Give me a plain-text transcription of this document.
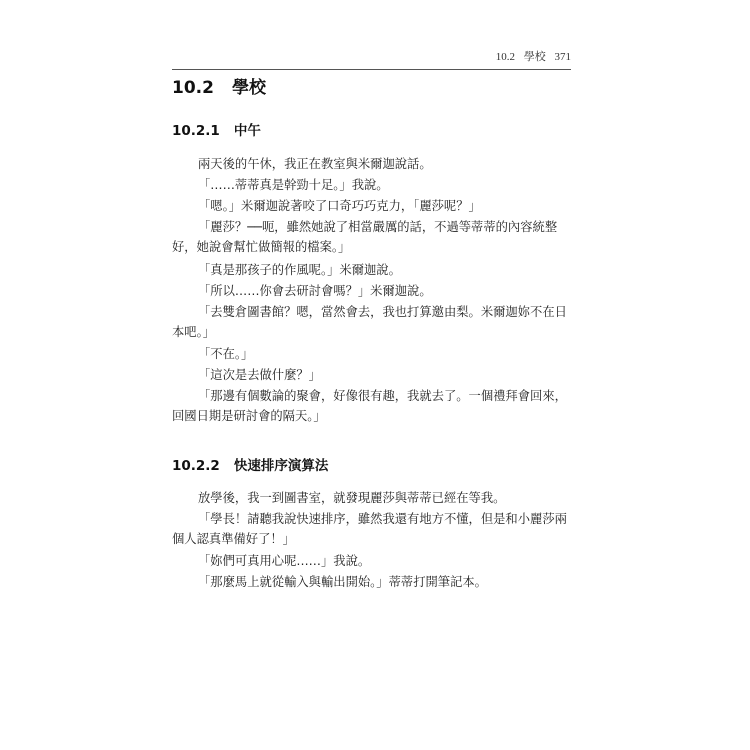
10.2 學校 371
10.2 學校
10.2.1 中午

兩天後的午休，我正在教室與米爾迦說話。

「……蒂蒂真是幹勁十足。」我說。

「嗯。」米爾迦說著咬了口奇巧巧克力，「麗莎呢？」

「麗莎？──呃，雖然她說了相當嚴厲的話，不過等蒂蒂的內容統整好，她說會幫忙做簡報的檔案。」

「真是那孩子的作風呢。」米爾迦說。

「所以……你會去研討會嗎？」米爾迦說。

「去雙倉圖書館？嗯，當然會去，我也打算邀由梨。米爾迦妳不在日本吧。」

「不在。」

「這次是去做什麼？」

「那邊有個數論的聚會，好像很有趣，我就去了。一個禮拜會回來，回國日期是研討會的隔天。」

10.2.2 快速排序演算法

放學後，我一到圖書室，就發現麗莎與蒂蒂已經在等我。

「學長！請聽我說快速排序，雖然我還有地方不懂，但是和小麗莎兩個人認真準備好了！」

「妳們可真用心呢……」我說。

「那麼馬上就從輸入與輸出開始。」蒂蒂打開筆記本。
